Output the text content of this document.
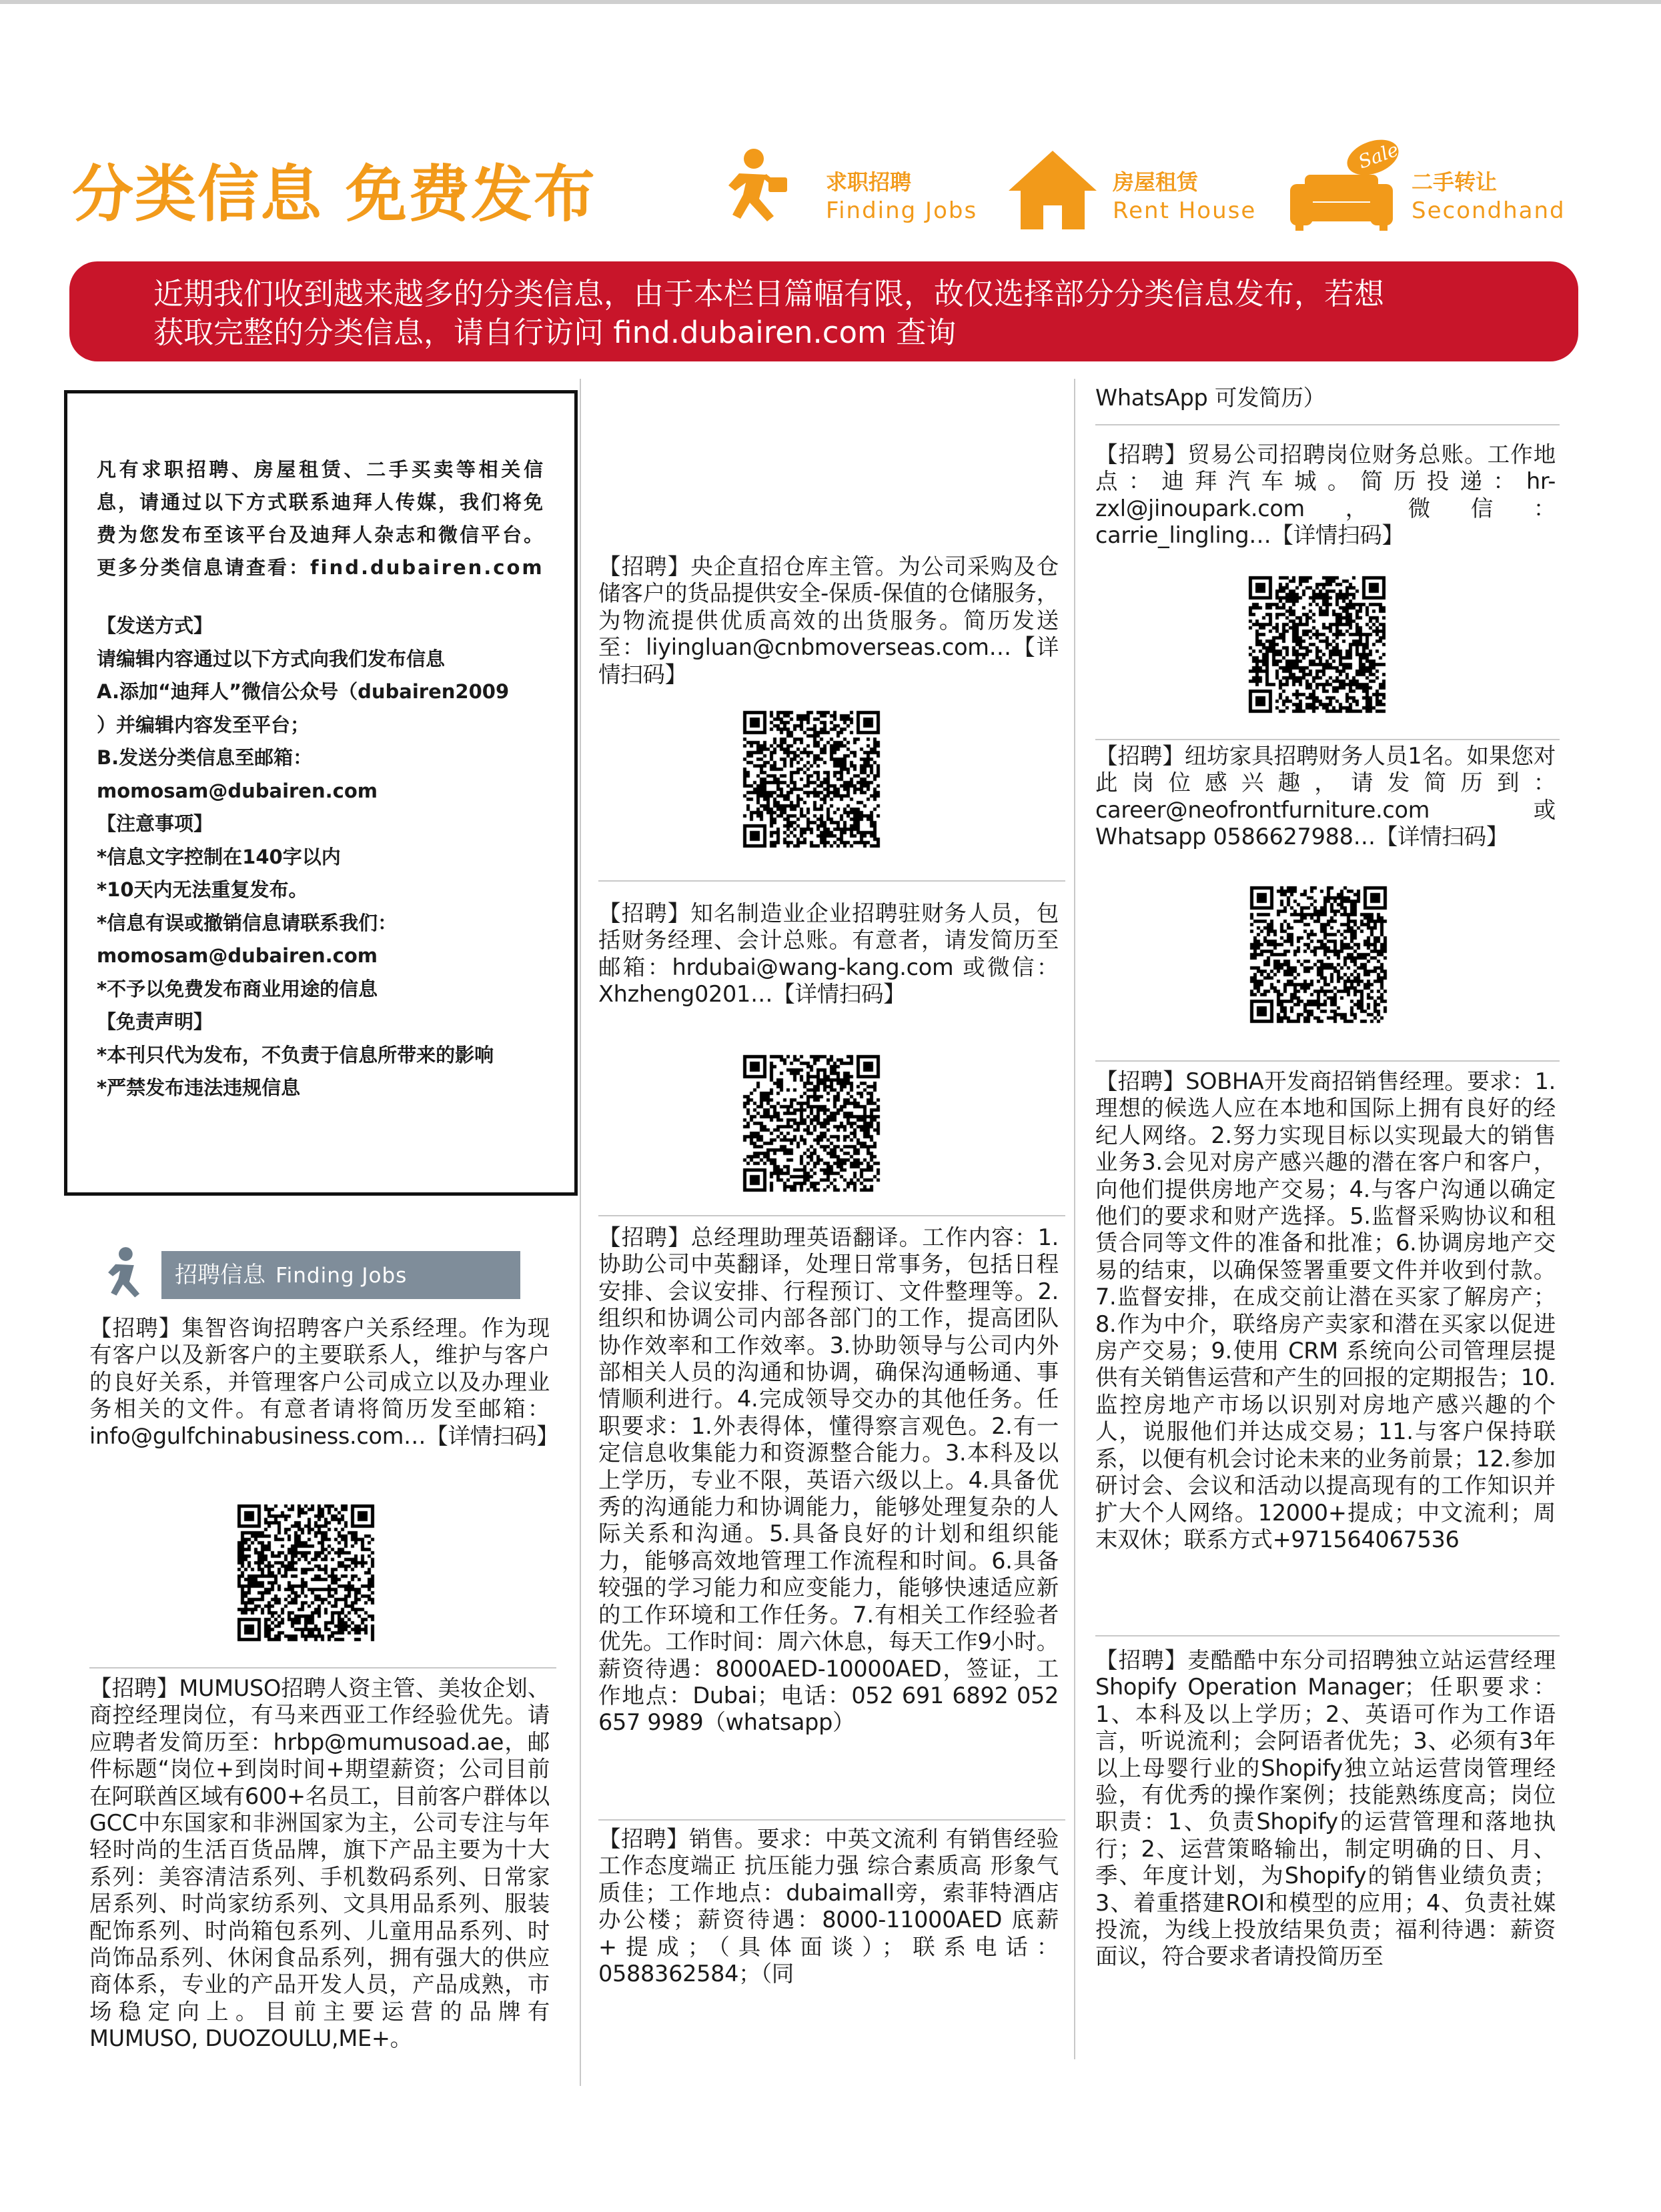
分类信息 免费发布	求职招聘
Finding Jobs
房屋租赁
Rent House
Sale
二手转让
Secondhand
近期我们收到越来越多的分类信息，由于本栏目篇幅有限，故仅选择部分分类信息发布，若想
获取完整的分类信息，请自行访问 find.dubairen.com 查询
凡有求职招聘、房屋租赁、二手买卖等相关信息，请通过以下方式联系迪拜人传媒，我们将免费为您发布至该平台及迪拜人杂志和微信平台。更多分类信息请查看：find.dubairen.com
【发送方式】
请编辑内容通过以下方式向我们发布信息
A.添加“迪拜人”微信公众号（dubairen2009
）并编辑内容发至平台；
B.发送分类信息至邮箱：
momosam@dubairen.com
【注意事项】
*信息文字控制在140字以内
*10天内无法重复发布。
*信息有误或撤销信息请联系我们：
momosam@dubairen.com
*不予以免费发布商业用途的信息
【免责声明】
*本刊只代为发布，不负责于信息所带来的影响
*严禁发布违法违规信息
招聘信息 Finding Jobs
【招聘】集智咨询招聘客户关系经理。作为现有客户以及新客户的主要联系人，维护与客户的良好关系，并管理客户公司成立以及办理业务相关的文件。有意者请将简历发至邮箱：info@gulfchinabusiness.com…【详情扫码】
【招聘】MUMUSO招聘人资主管、美妆企划、商控经理岗位，有马来西亚工作经验优先。请应聘者发简历至：hrbp@mumusoad.ae，邮件标题“岗位+到岗时间+期望薪资；公司目前在阿联酋区域有600+名员工，目前客户群体以GCC中东国家和非洲国家为主，公司专注与年轻时尚的生活百货品牌，旗下产品主要为十大系列：美容清洁系列、手机数码系列、日常家居系列、时尚家纺系列、文具用品系列、服装配饰系列、时尚箱包系列、儿童用品系列、时尚饰品系列、休闲食品系列，拥有强大的供应商体系，专业的产品开发人员，产品成熟，市场稳定向上。目前主要运营的品牌有 MUMUSO, DUOZOULU,ME+。
【招聘】央企直招仓库主管。为公司采购及仓储客户的货品提供安全-保质-保值的仓储服务，为物流提供优质高效的出货服务。简历发送至：liyingluan@cnbmoverseas.com…【详情扫码】
【招聘】知名制造业企业招聘驻财务人员，包括财务经理、会计总账。有意者，请发简历至邮箱：hrdubai@wang-kang.com 或微信：Xhzheng0201…【详情扫码】
【招聘】总经理助理英语翻译。工作内容：1.协助公司中英翻译，处理日常事务，包括日程安排、会议安排、行程预订、文件整理等。2.组织和协调公司内部各部门的工作，提高团队协作效率和工作效率。3.协助领导与公司内外部相关人员的沟通和协调，确保沟通畅通、事情顺利进行。4.完成领导交办的其他任务。任职要求：1.外表得体，懂得察言观色。2.有一定信息收集能力和资源整合能力。3.本科及以上学历，专业不限，英语六级以上。4.具备优秀的沟通能力和协调能力，能够处理复杂的人际关系和沟通。5.具备良好的计划和组织能力，能够高效地管理工作流程和时间。6.具备较强的学习能力和应变能力，能够快速适应新的工作环境和工作任务。7.有相关工作经验者优先。工作时间：周六休息，每天工作9小时。薪资待遇：8000AED-10000AED，签证，工作地点：Dubai；电话：052 691 6892 052 657 9989（whatsapp）
【招聘】销售。要求：中英文流利 有销售经验 工作态度端正 抗压能力强 综合素质高 形象气质佳；工作地点：dubaimall旁，索菲特酒店办公楼；薪资待遇：8000-11000AED 底薪+提成；（具体面谈）；联系电话：0588362584；（同
WhatsApp 可发简历）
【招聘】贸易公司招聘岗位财务总账。工作地点：迪拜汽车城。简历投递：hr-zxl@jinoupark.com，微信：carrie_lingling…【详情扫码】
【招聘】纽坊家具招聘财务人员1名。如果您对此岗位感兴趣，请发简历到：career@neofrontfurniture.com 或 Whatsapp 0586627988…【详情扫码】
【招聘】SOBHA开发商招销售经理。要求：1.理想的候选人应在本地和国际上拥有良好的经纪人网络。2.努力实现目标以实现最大的销售业务3.会见对房产感兴趣的潜在客户和客户，向他们提供房地产交易；4.与客户沟通以确定他们的要求和财产选择。5.监督采购协议和租赁合同等文件的准备和批准；6.协调房地产交易的结束，以确保签署重要文件并收到付款。7.监督安排，在成交前让潜在买家了解房产；8.作为中介，联络房产卖家和潜在买家以促进房产交易；9.使用 CRM 系统向公司管理层提供有关销售运营和产生的回报的定期报告；10.监控房地产市场以识别对房地产感兴趣的个人，说服他们并达成交易；11.与客户保持联系，以便有机会讨论未来的业务前景；12.参加研讨会、会议和活动以提高现有的工作知识并扩大个人网络。12000+提成；中文流利；周末双休；联系方式+971564067536
【招聘】麦酷酷中东分司招聘独立站运营经理Shopify Operation Manager；任职要求：1、本科及以上学历；2、英语可作为工作语言，听说流利；会阿语者优先；3、必须有3年以上母婴行业的Shopify独立站运营岗管理经验，有优秀的操作案例；技能熟练度高；岗位职责：1、负责Shopify的运营管理和落地执行；2、运营策略输出，制定明确的日、月、季、年度计划，为Shopify的销售业绩负责；3、着重搭建ROI和模型的应用；4、负责社媒投流，为线上投放结果负责；福利待遇：薪资面议，符合要求者请投简历至
